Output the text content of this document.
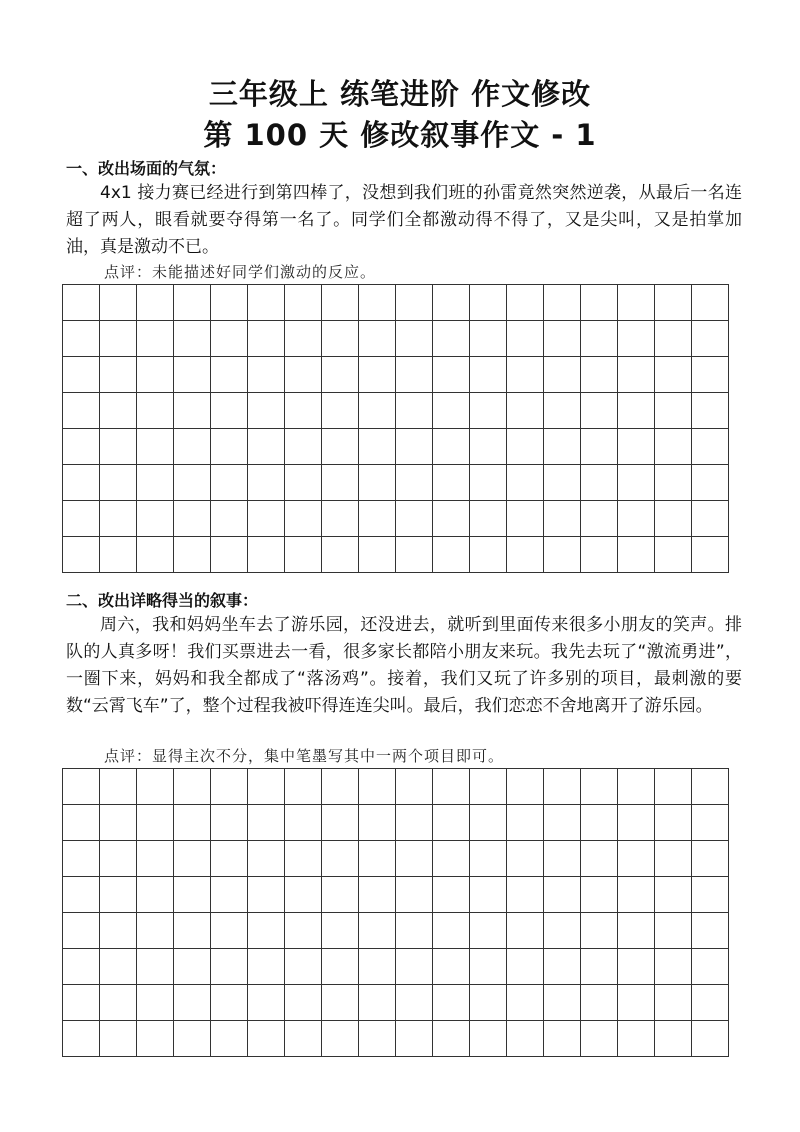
三年级上 练笔进阶 作文修改
第 100 天 修改叙事作文 - 1

一、改出场面的气氛：

4x1 接力赛已经进行到第四棒了，没想到我们班的孙雷竟然突然逆袭，从最后一名连超了两人，眼看就要夺得第一名了。同学们全都激动得不得了，又是尖叫，又是拍掌加油，真是激动不已。

点评：未能描述好同学们激动的反应。

二、改出详略得当的叙事：

周六，我和妈妈坐车去了游乐园，还没进去，就听到里面传来很多小朋友的笑声。排队的人真多呀！我们买票进去一看，很多家长都陪小朋友来玩。我先去玩了“激流勇进”，一圈下来，妈妈和我全都成了“落汤鸡”。接着，我们又玩了许多别的项目，最刺激的要数“云霄飞车”了，整个过程我被吓得连连尖叫。最后，我们恋恋不舍地离开了游乐园。

点评：显得主次不分，集中笔墨写其中一两个项目即可。
